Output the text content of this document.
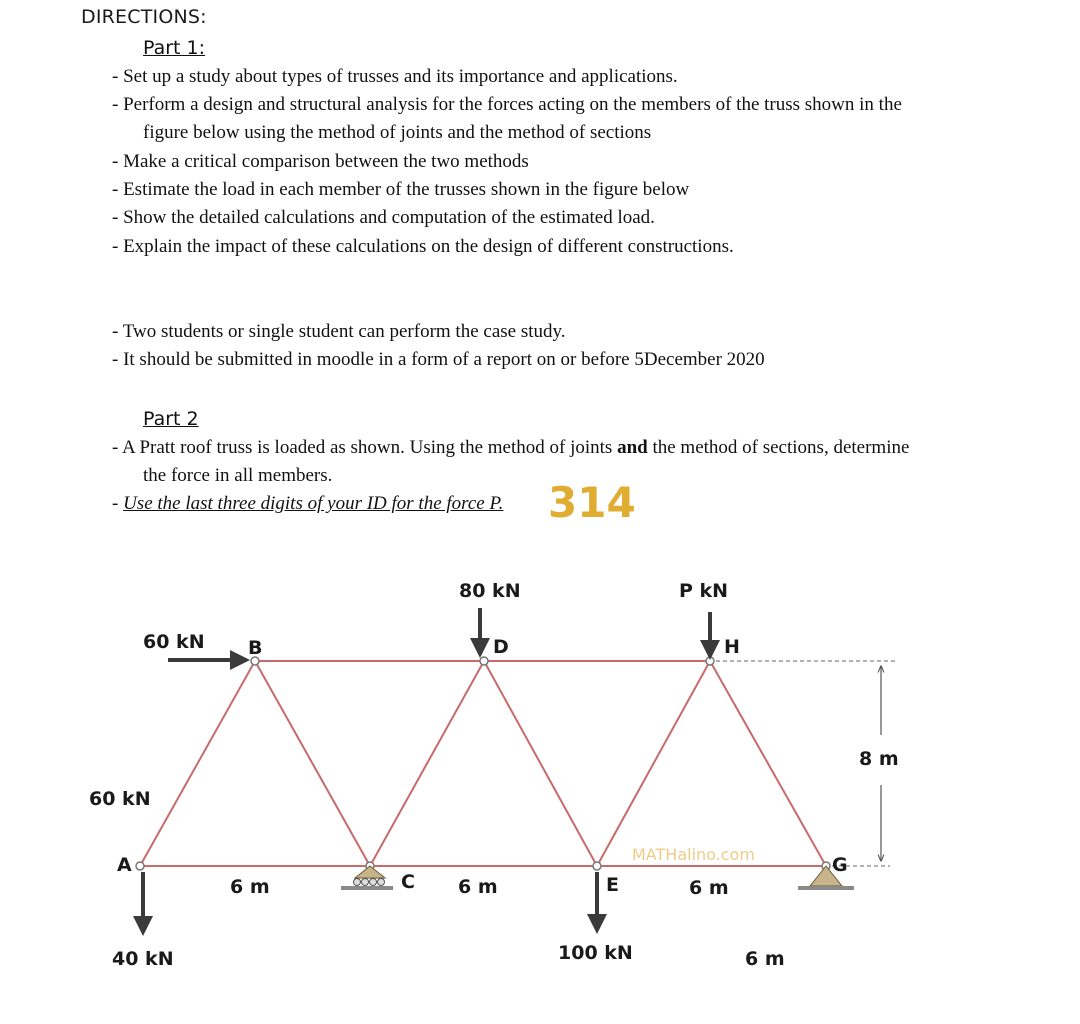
DIRECTIONS:
Part 1:
- Set up a study about types of trusses and its importance and applications.
- Perform a design and structural analysis for the forces acting on the members of the truss shown in the
figure below using the method of joints and the method of sections
- Make a critical comparison between the two methods
- Estimate the load in each member of the trusses shown in the figure below
- Show the detailed calculations and computation of the estimated load.
- Explain the impact of these calculations on the design of different constructions.
- Two students or single student can perform the case study.
- It should be submitted in moodle in a form of a report on or before 5December 2020
Part 2
- A Pratt roof truss is loaded as shown. Using the method of joints and the method of sections, determine
the force in all members.
- Use the last three digits of your ID for the force P. 314
MATHalino.com
B	D	H
A
C	E
G
60 kN
60 kN
80 kN	P kN
40 kN	100 kN
6 m	6 m	6 m
6 m
8 m
